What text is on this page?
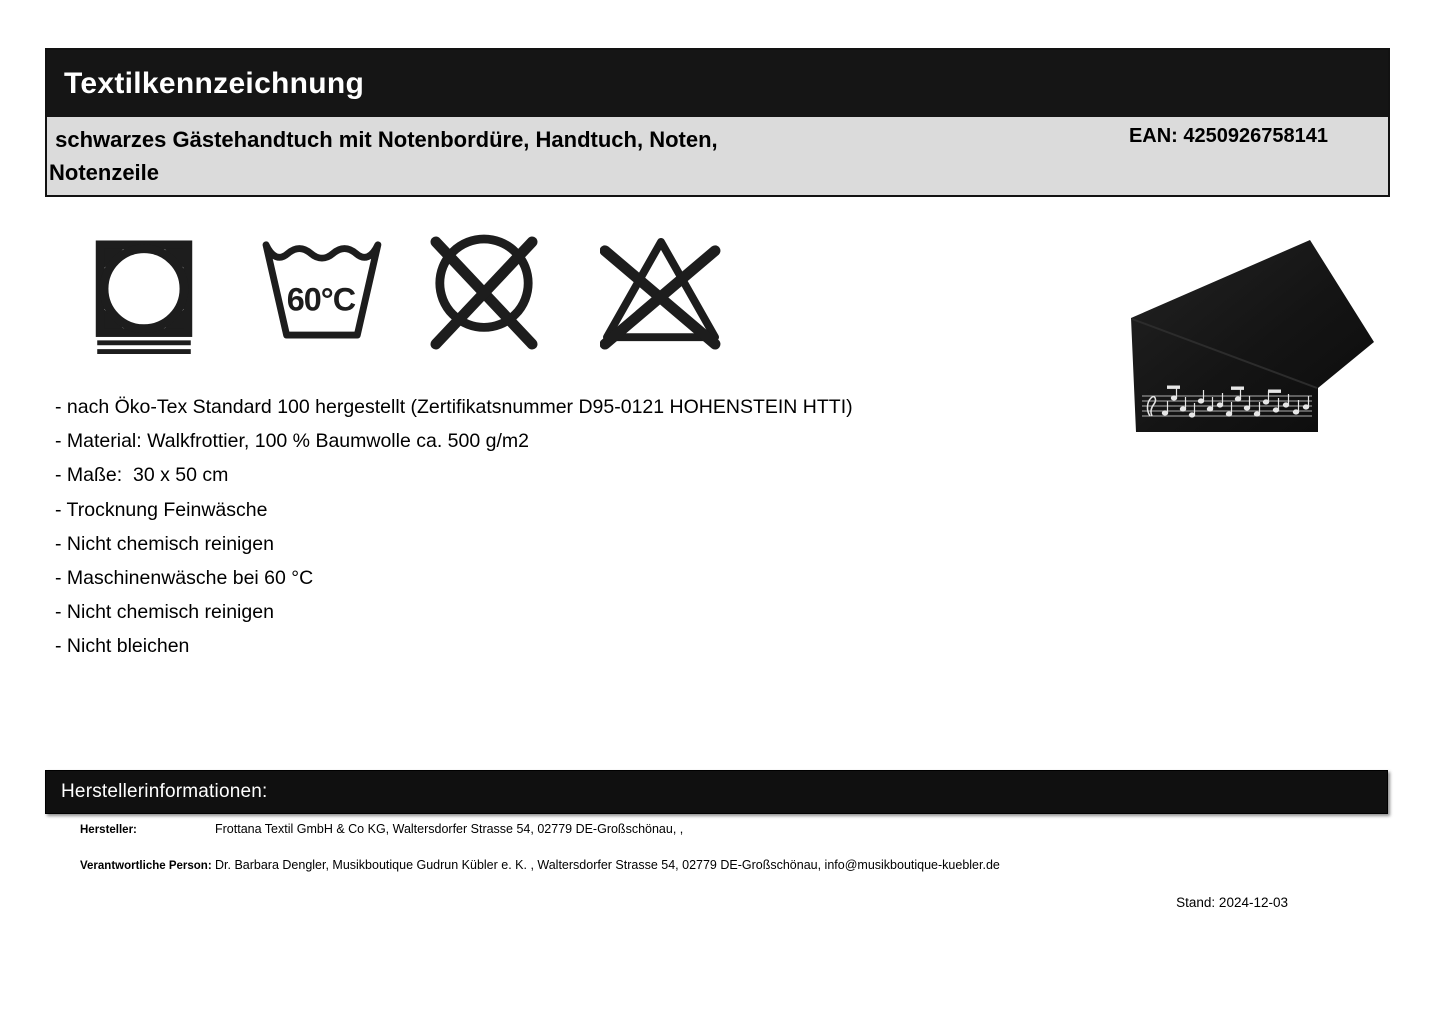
Textilkennzeichnung
schwarzes Gästehandtuch mit Notenbordüre, Handtuch, Noten,
Notenzeile
EAN: 4250926758141
60°C
- nach Öko-Tex Standard 100 hergestellt (Zertifikatsnummer D95-0121 HOHENSTEIN HTTI)
- Material: Walkfrottier, 100 % Baumwolle ca. 500 g/m2
- Maße:  30 x 50 cm
- Trocknung Feinwäsche
- Nicht chemisch reinigen
- Maschinenwäsche bei 60 °C
- Nicht chemisch reinigen
- Nicht bleichen
Herstellerinformationen:
Hersteller:	Frottana Textil GmbH & Co KG, Waltersdorfer Strasse 54, 02779 DE-Großschönau, ,
Verantwortliche Person: Dr. Barbara Dengler, Musikboutique Gudrun Kübler e. K. , Waltersdorfer Strasse 54, 02779 DE-Großschönau, info@musikboutique-kuebler.de
Stand: 2024-12-03
